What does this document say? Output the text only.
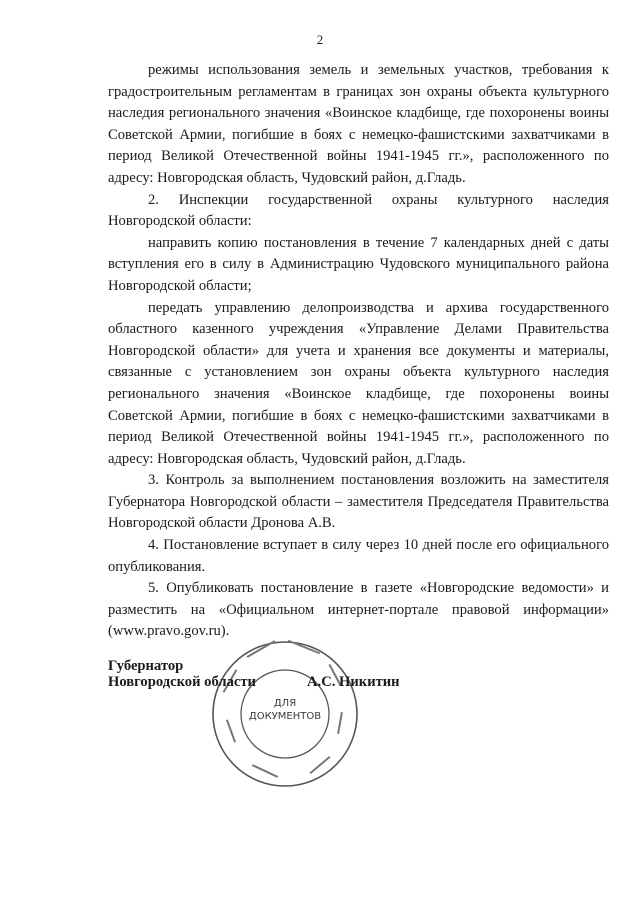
2

режимы использования земель и земельных участков, требования к градостроительным регламентам в границах зон охраны объекта культурного наследия регионального значения «Воинское кладбище, где похоронены воины Советской Армии, погибшие в боях с немецко-фашистскими захватчиками в период Великой Отечественной войны 1941-1945 гг.», расположенного по адресу: Новгородская область, Чудовский район, д.Гладь.

2. Инспекции государственной охраны культурного наследия Новгородской области:

направить копию постановления в течение 7 календарных дней с даты вступления его в силу в Администрацию Чудовского муниципального района Новгородской области;

передать управлению делопроизводства и архива государственного областного казенного учреждения «Управление Делами Правительства Новгородской области» для учета и хранения все документы и материалы, связанные с установлением зон охраны объекта культурного наследия регионального значения «Воинское кладбище, где похоронены воины Советской Армии, погибшие в боях с немецко-фашистскими захватчиками в период Великой Отечественной войны 1941-1945 гг.», расположенного по адресу: Новгородская область, Чудовский район, д.Гладь.

3. Контроль за выполнением постановления возложить на заместителя Губернатора Новгородской области – заместителя Председателя Правительства Новгородской области Дронова А.В.

4. Постановление вступает в силу через 10 дней после его официального опубликования.

5. Опубликовать постановление в газете «Новгородские ведомости» и разместить на «Официальном интернет-портале правовой информации» (www.pravo.gov.ru).

ДЛЯ
ДОКУМЕНТОВ
Губернатор
Новгородской области	А.С. Никитин
